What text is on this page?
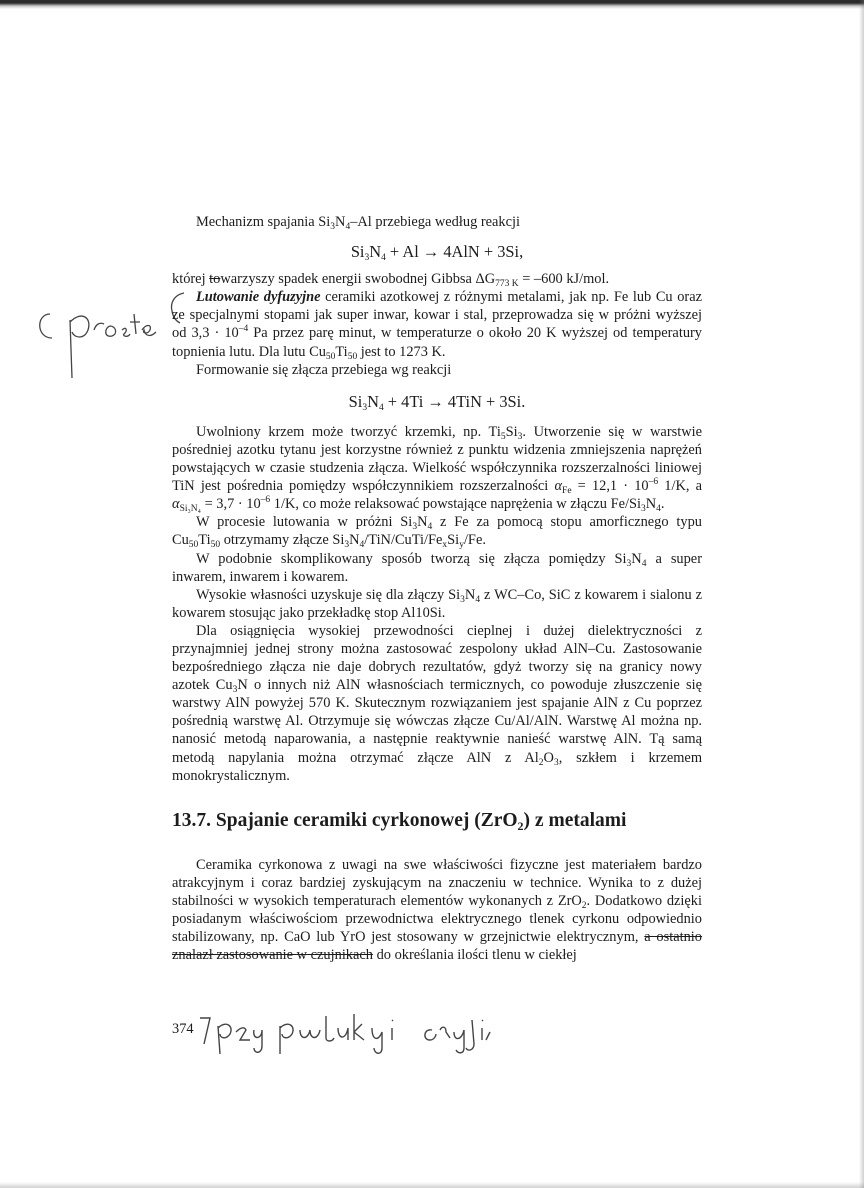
Mechanizm spajania $Si_3N_4-Al$ przebiega według reakcji

$Si_3N_4 + Al \to 4AlN + 3Si$,

której towarzyszy spadek energii swobodnej Gibbsa $\Delta G_{773 K} = -600$ kJ/mol.

Lutowanie dyfuzyjne ceramiki azotkowej z różnymi metalami, jak np. Fe lub Cu oraz ze specjalnymi stopami jak super inwar, kowar i stal, przeprowadza się w próżni wyższej od $3,3 \cdot 10^{-4}$ Pa przez parę minut, w temperaturze o około 20 K wyższej od temperatury topnienia lutu. Dla lutu $Cu_{50}Ti_{50}$ jest to 1273 K.

Formowanie się złącza przebiega wg reakcji

$Si_3N_4 + 4Ti \to 4TiN + 3Si$.

Uwolniony krzem może tworzyć krzemki, np. $Ti_5Si_3$. Utworzenie się w warstwie pośredniej azotku tytanu jest korzystne również z punktu widzenia zmniejszenia naprężeń powstających w czasie studzenia złącza. Wielkość współczynnika rozszerzalności liniowej TiN jest pośrednia pomiędzy współczynnikiem rozszerzalności $\alpha_{Fe} = 12,1 \cdot 10^{-6}$ 1/K, a $\alpha_{Si_3N_4} = 3,7 \cdot 10^{-6}$ 1/K, co może relaksować powstające naprężenia w złączu $Fe/Si_3N_4$.

W procesie lutowania w próżni $Si_3N_4$ z Fe za pomocą stopu amorficznego typu $Cu_{50}Ti_{50}$ otrzymamy złącze $Si_3N_4/TiN/CuTi/Fe_xSi_y/Fe$.

W podobnie skomplikowany sposób tworzą się złącza pomiędzy $Si_3N_4$ a super inwarem, inwarem i kowarem.

Wysokie własności uzyskuje się dla złączy $Si_3N_4$ z WC–Co, SiC z kowarem i sialonu z kowarem stosując jako przekładkę stop Al10Si.

Dla osiągnięcia wysokiej przewodności cieplnej i dużej dielektryczności z przynajmniej jednej strony można zastosować zespolony układ AlN–Cu. Zastosowanie bezpośredniego złącza nie daje dobrych rezultatów, gdyż tworzy się na granicy nowy azotek $Cu_3N$ o innych niż AlN własnościach termicznych, co powoduje złuszczenie się warstwy AlN powyżej 570 K. Skutecznym rozwiązaniem jest spajanie AlN z Cu poprzez pośrednią warstwę Al. Otrzymuje się wówczas złącze Cu/Al/AlN. Warstwę Al można np. nanosić metodą naparowania, a następnie reaktywnie nanieść warstwę AlN. Tą samą metodą napylania można otrzymać złącze AlN z $Al_2O_3$, szkłem i krzemem monokrystalicznym.

13.7. Spajanie ceramiki cyrkonowej (ZrO$_2$) z metalami

Ceramika cyrkonowa z uwagi na swe właściwości fizyczne jest materiałem bardzo atrakcyjnym i coraz bardziej zyskującym na znaczeniu w technice. Wynika to z dużej stabilności w wysokich temperaturach elementów wykonanych z ZrO$_2$. Dodatkowo dzięki posiadanym właściwościom przewodnictwa elektrycznego tlenek cyrkonu odpowiednio stabilizowany, np. CaO lub YrO jest stosowany w grzejnictwie elektrycznym, a ostatnio znalazł zastosowanie w czujnikach do określania ilości tlenu w ciekłej

374
